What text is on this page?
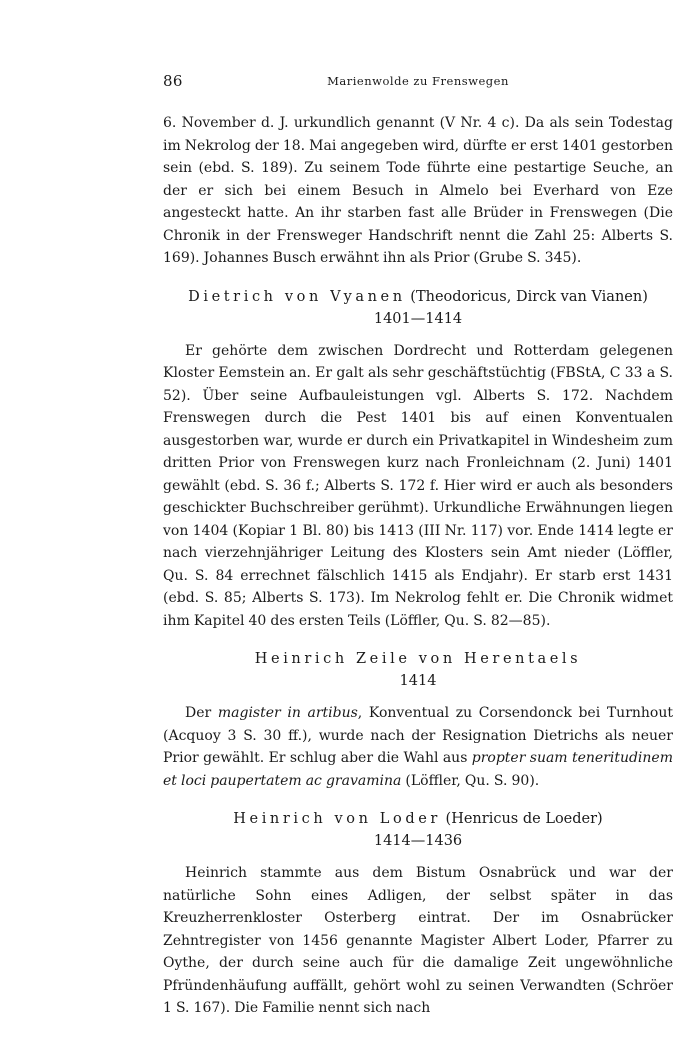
86	Marienwolde zu Frenswegen

6. November d. J. urkundlich genannt (V Nr. 4 c). Da als sein Todestag im Nekrolog der 18. Mai angegeben wird, dürfte er erst 1401 gestorben sein (ebd. S. 189). Zu seinem Tode führte eine pestartige Seuche, an der er sich bei einem Besuch in Almelo bei Everhard von Eze angesteckt hatte. An ihr starben fast alle Brüder in Frenswegen (Die Chronik in der Frensweger Handschrift nennt die Zahl 25: Alberts S. 169). Johannes Busch erwähnt ihn als Prior (Grube S. 345).

Dietrich von Vyanen (Theodoricus, Dirck van Vianen)
1401—1414

Er gehörte dem zwischen Dordrecht und Rotterdam gelegenen Kloster Eemstein an. Er galt als sehr geschäftstüchtig (FBStA, C 33 a S. 52). Über seine Aufbauleistungen vgl. Alberts S. 172. Nachdem Frenswegen durch die Pest 1401 bis auf einen Konventualen ausgestorben war, wurde er durch ein Privatkapitel in Windesheim zum dritten Prior von Frenswegen kurz nach Fronleichnam (2. Juni) 1401 gewählt (ebd. S. 36 f.; Alberts S. 172 f. Hier wird er auch als besonders geschickter Buchschreiber gerühmt). Urkundliche Erwähnungen liegen von 1404 (Kopiar 1 Bl. 80) bis 1413 (III Nr. 117) vor. Ende 1414 legte er nach vierzehnjähriger Leitung des Klosters sein Amt nieder (Löffler, Qu. S. 84 errechnet fälschlich 1415 als Endjahr). Er starb erst 1431 (ebd. S. 85; Alberts S. 173). Im Nekrolog fehlt er. Die Chronik widmet ihm Kapitel 40 des ersten Teils (Löffler, Qu. S. 82—85).

Heinrich Zeile von Herentaels
1414

Der magister in artibus, Konventual zu Corsendonck bei Turnhout (Acquoy 3 S. 30 ff.), wurde nach der Resignation Dietrichs als neuer Prior gewählt. Er schlug aber die Wahl aus propter suam teneritudinem et loci paupertatem ac gravamina (Löffler, Qu. S. 90).

Heinrich von Loder (Henricus de Loeder)
1414—1436

Heinrich stammte aus dem Bistum Osnabrück und war der natürliche Sohn eines Adligen, der selbst später in das Kreuzherrenkloster Osterberg eintrat. Der im Osnabrücker Zehntregister von 1456 genannte Magister Albert Loder, Pfarrer zu Oythe, der durch seine auch für die damalige Zeit ungewöhnliche Pfründenhäufung auffällt, gehört wohl zu seinen Verwandten (Schröer 1 S. 167). Die Familie nennt sich nach
